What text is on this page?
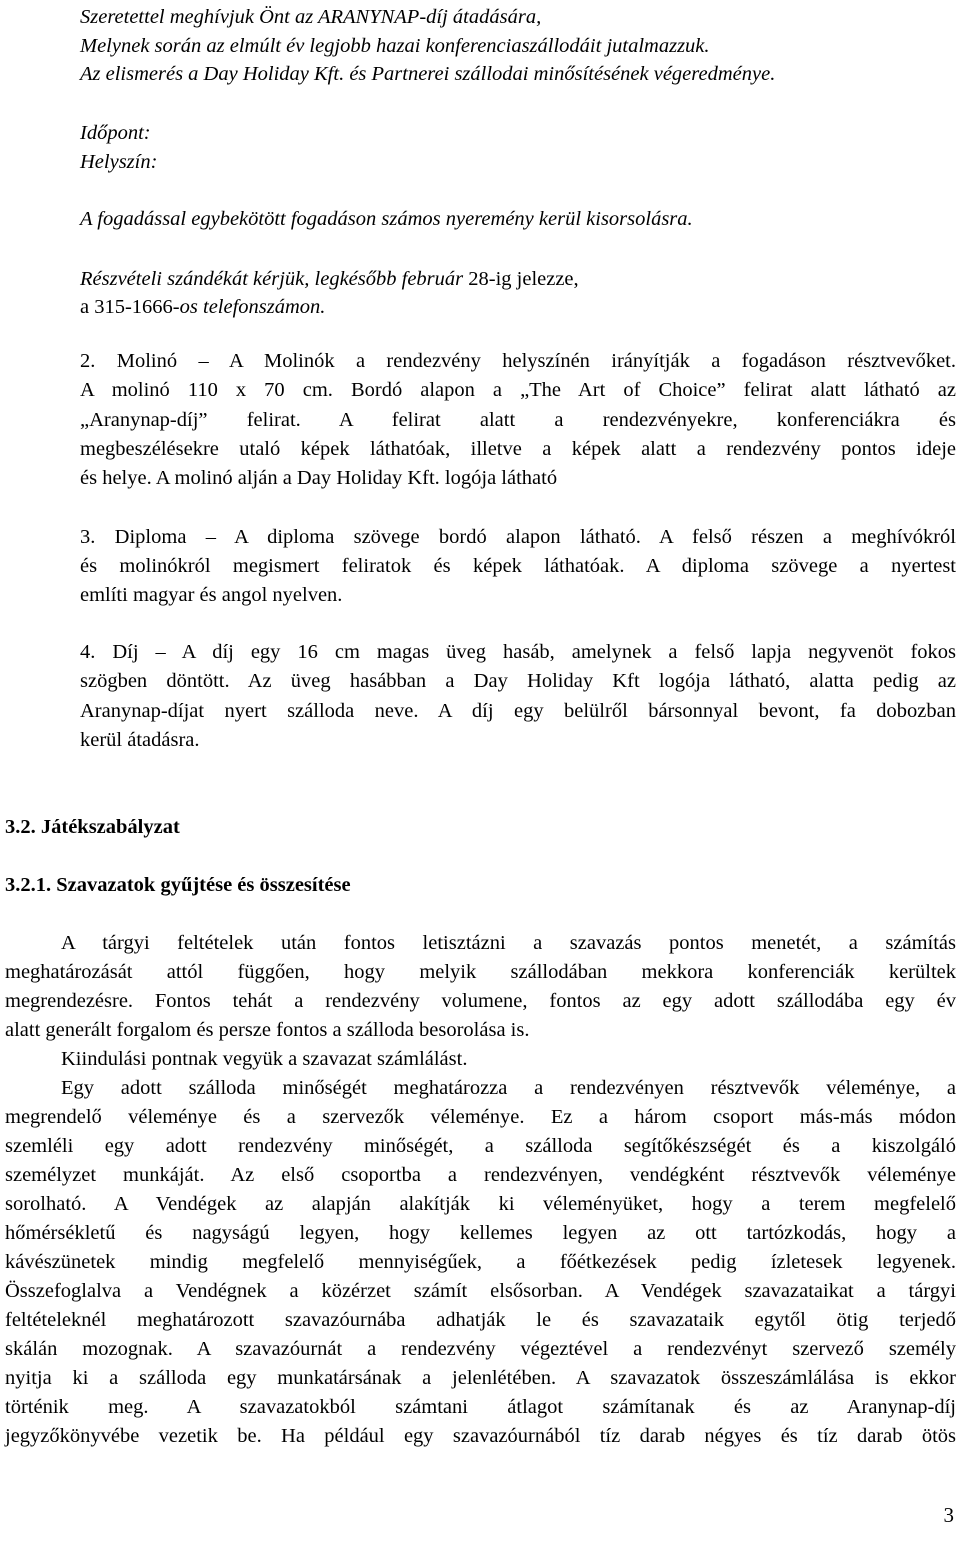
Szeretettel meghívjuk Önt az ARANYNAP-díj átadására,

Melynek során az elmúlt év legjobb hazai konferenciaszállodáit jutalmazzuk.

Az elismerés a Day Holiday Kft. és Partnerei szállodai minősítésének végeredménye.

Időpont:

Helyszín:

A fogadással egybekötött fogadáson számos nyeremény kerül kisorsolásra.

Részvételi szándékát kérjük, legkésőbb február 28-ig jelezze,

a 315-1666-os telefonszámon.

2. Molinó – A Molinók a rendezvény helyszínén irányítják a fogadáson résztvevőket.

A molinó 110 x 70 cm. Bordó alapon a „The Art of Choice” felirat alatt látható az

„Aranynap-díj” felirat. A felirat alatt a rendezvényekre, konferenciákra és

megbeszélésekre utaló képek láthatóak, illetve a képek alatt a rendezvény pontos ideje

és helye. A molinó alján a Day Holiday Kft. logója látható

3. Diploma – A diploma szövege bordó alapon látható. A felső részen a meghívókról

és molinókról megismert feliratok és képek láthatóak. A diploma szövege a nyertest

említi magyar és angol nyelven.

4. Díj – A díj egy 16 cm magas üveg hasáb, amelynek a felső lapja negyvenöt fokos

szögben döntött. Az üveg hasábban a Day Holiday Kft logója látható, alatta pedig az

Aranynap-díjat nyert szálloda neve. A díj egy belülről bársonnyal bevont, fa dobozban

kerül átadásra.

3.2. Játékszabályzat

3.2.1. Szavazatok gyűjtése és összesítése

A tárgyi feltételek után fontos letisztázni a szavazás pontos menetét, a számítás

meghatározását attól függően, hogy melyik szállodában mekkora konferenciák kerültek

megrendezésre. Fontos tehát a rendezvény volumene, fontos az egy adott szállodába egy év

alatt generált forgalom és persze fontos a szálloda besorolása is.

Kiindulási pontnak vegyük a szavazat számlálást.

Egy adott szálloda minőségét meghatározza a rendezvényen résztvevők véleménye, a

megrendelő véleménye és a szervezők véleménye. Ez a három csoport más-más módon

szemléli egy adott rendezvény minőségét, a szálloda segítőkészségét és a kiszolgáló

személyzet munkáját. Az első csoportba a rendezvényen, vendégként résztvevők véleménye

sorolható. A Vendégek az alapján alakítják ki véleményüket, hogy a terem megfelelő

hőmérsékletű és nagyságú legyen, hogy kellemes legyen az ott tartózkodás, hogy a

kávészünetek mindig megfelelő mennyiségűek, a főétkezések pedig ízletesek legyenek.

Összefoglalva a Vendégnek a közérzet számít elsősorban. A Vendégek szavazataikat a tárgyi

feltételeknél meghatározott szavazóurnába adhatják le és szavazataik egytől ötig terjedő

skálán mozognak. A szavazóurnát a rendezvény végeztével a rendezvényt szervező személy

nyitja ki a szálloda egy munkatársának a jelenlétében. A szavazatok összeszámlálása is ekkor

történik meg. A szavazatokból számtani átlagot számítanak és az Aranynap-díj

jegyzőkönyvébe vezetik be. Ha például egy szavazóurnából tíz darab négyes és tíz darab ötös

3
